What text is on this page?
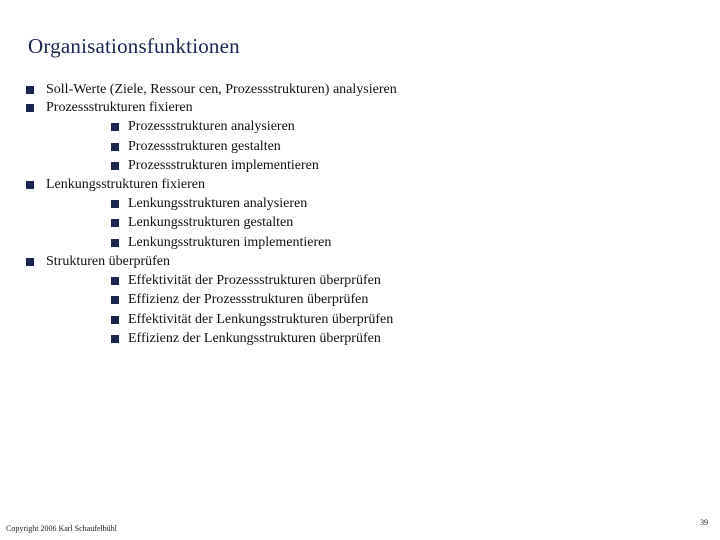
Organisationsfunktionen
Soll-Werte (Ziele, Ressour cen, Prozessstrukturen) analysieren
Prozessstrukturen fixieren
Prozessstrukturen analysieren
Prozessstrukturen gestalten
Prozessstrukturen implementieren
Lenkungsstrukturen fixieren
Lenkungsstrukturen analysieren
Lenkungsstrukturen gestalten
Lenkungsstrukturen implementieren
Strukturen überprüfen
Effektivität der Prozessstrukturen überprüfen
Effizienz der Prozessstrukturen überprüfen
Effektivität der Lenkungsstrukturen überprüfen
Effizienz der Lenkungsstrukturen überprüfen
Copyright 2006 Karl Schaufelbühl
39
